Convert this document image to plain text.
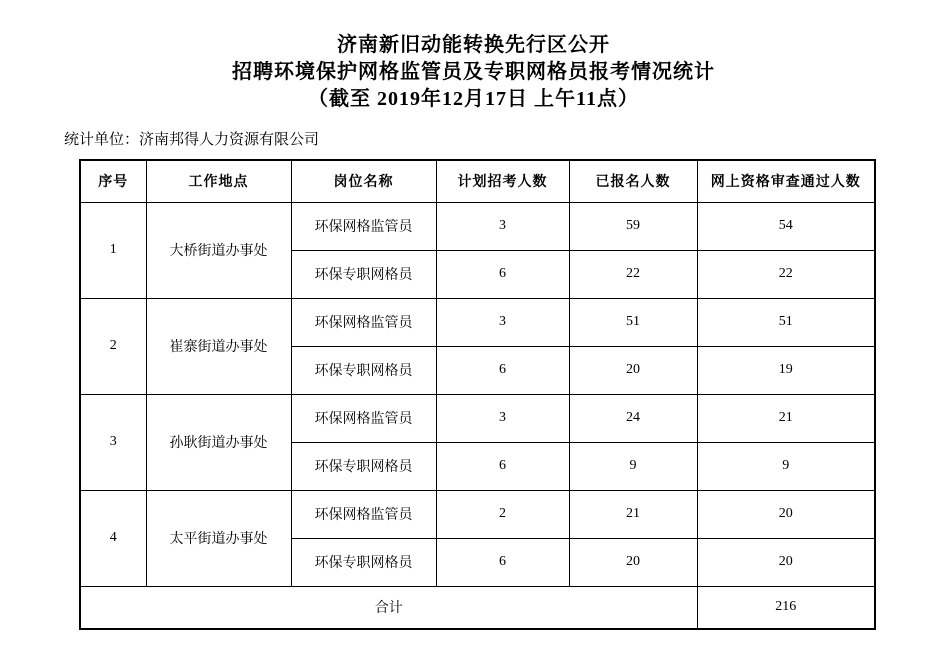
济南新旧动能转换先行区公开
招聘环境保护网格监管员及专职网格员报考情况统计
（截至 2019年12月17日 上午11点）
统计单位：济南邦得人力资源有限公司
序号	工作地点	岗位名称	计划招考人数	已报名人数	网上资格审查通过人数
1	大桥街道办事处	环保网格监管员	3	59	54
		环保专职网格员	6	22	22
2	崔寨街道办事处	环保网格监管员	3	51	51
		环保专职网格员	6	20	19
3	孙耿街道办事处	环保网格监管员	3	24	21
		环保专职网格员	6	9	9
4	太平街道办事处	环保网格监管员	2	21	20
		环保专职网格员	6	20	20
合计					216
